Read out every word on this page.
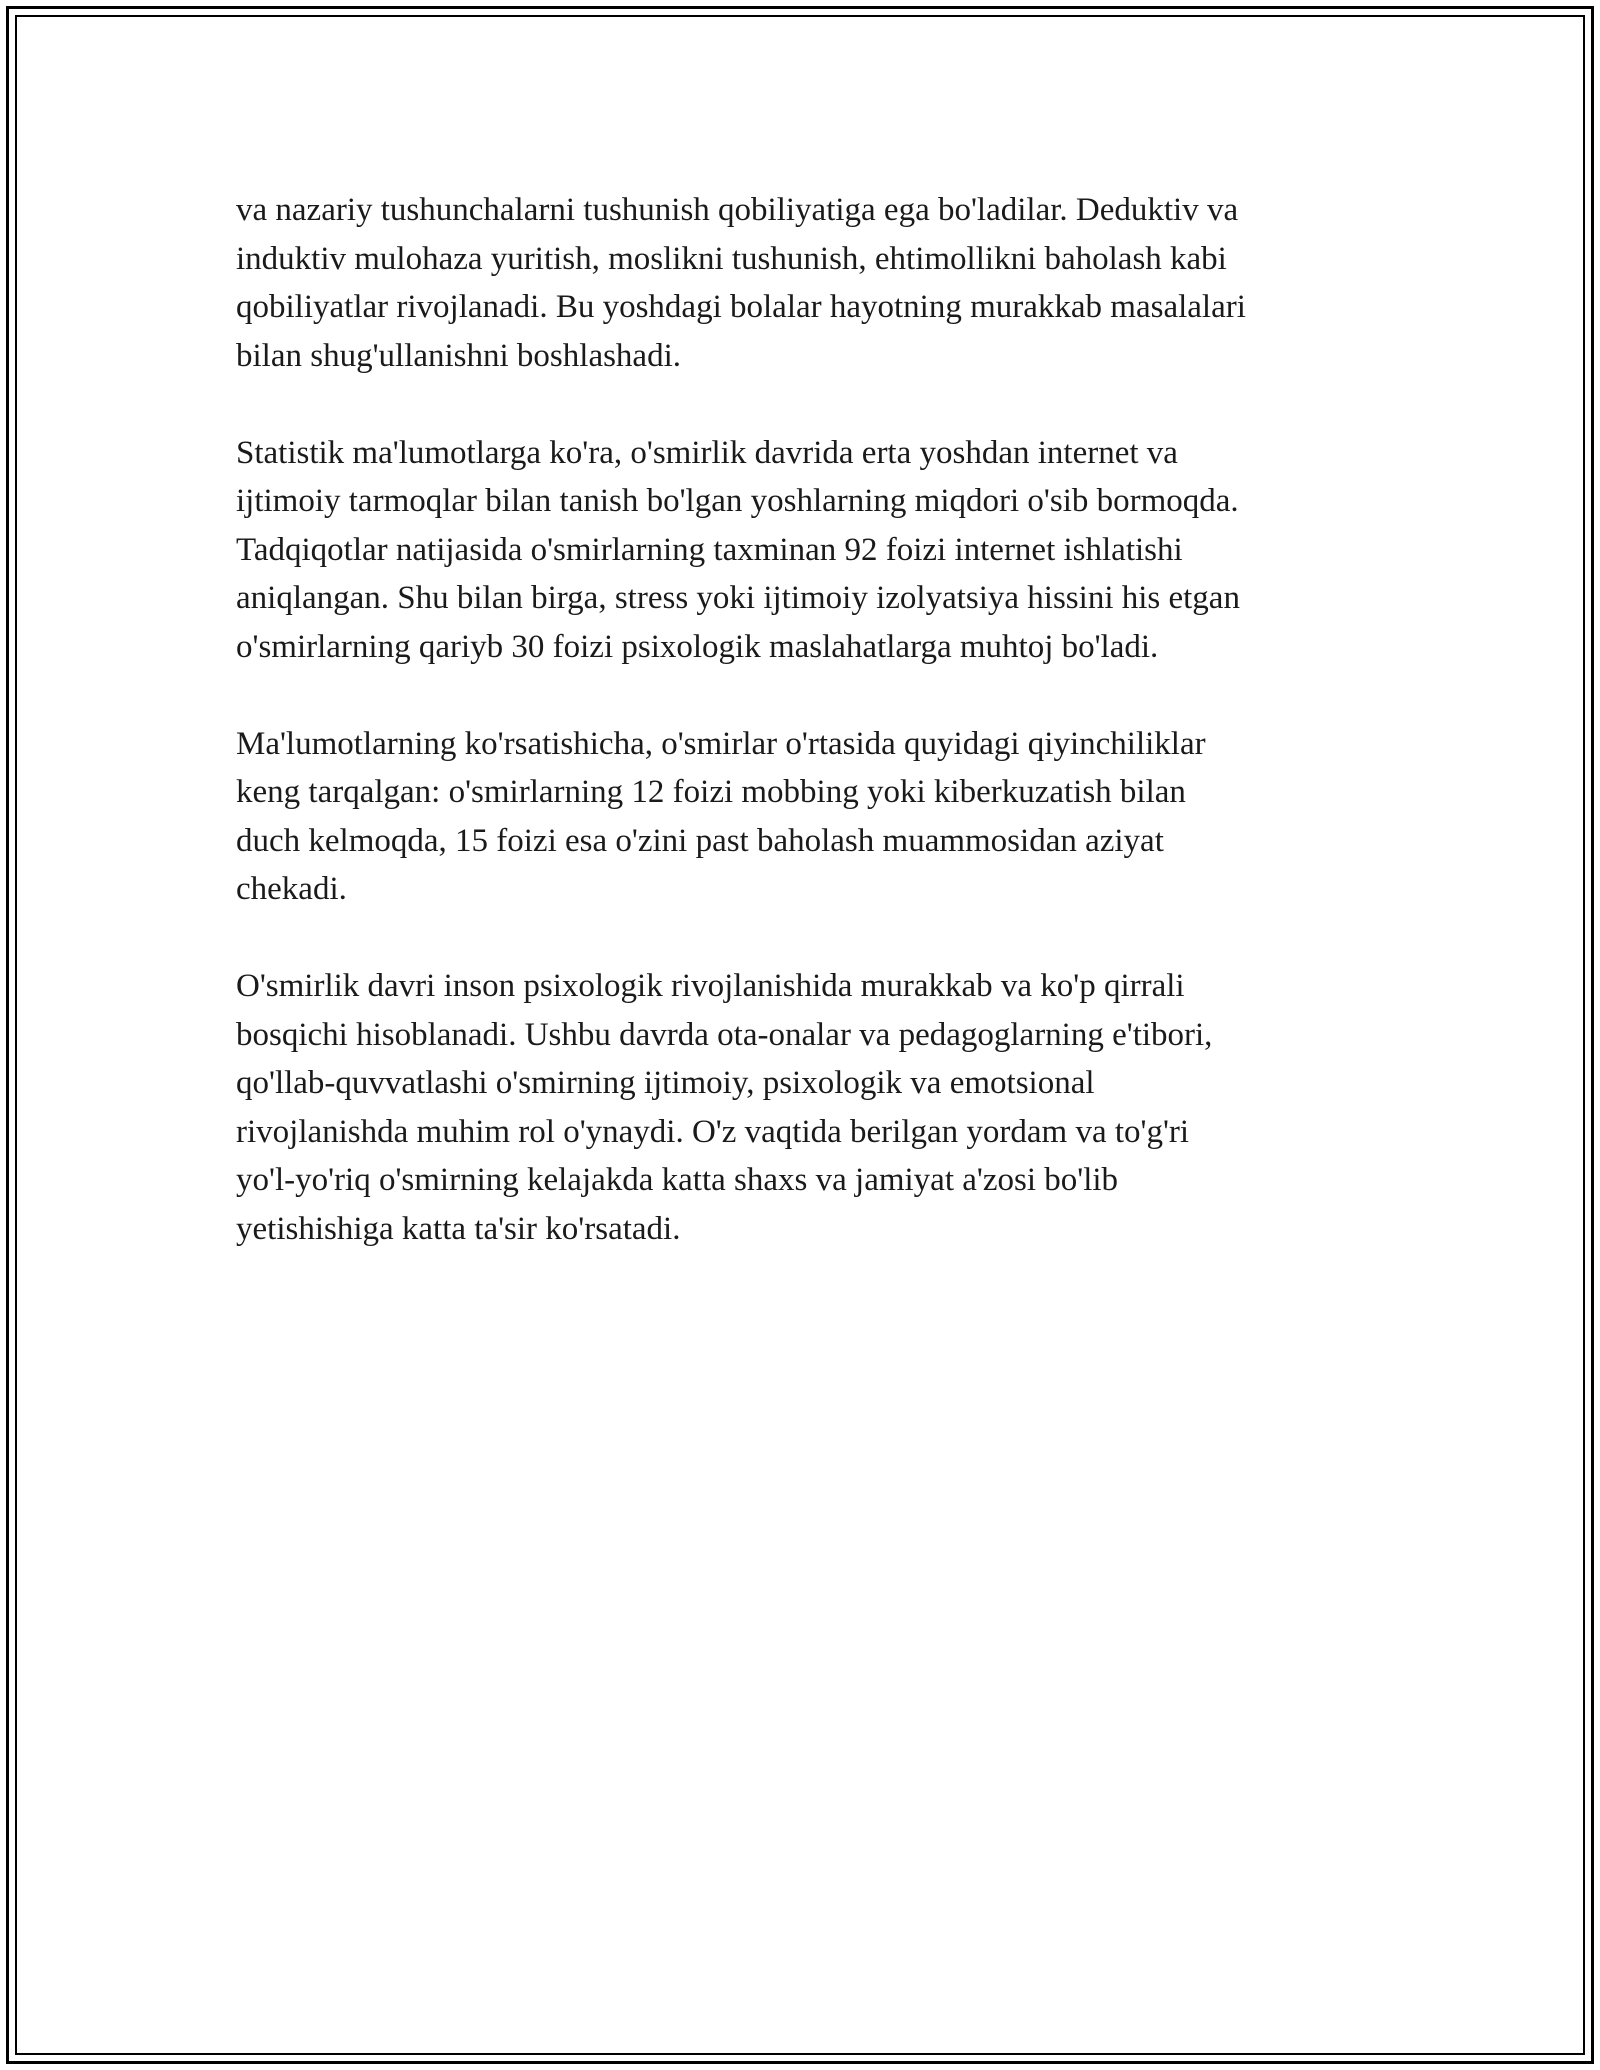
va nazariy tushunchalarni tushunish qobiliyatiga ega bo'ladilar. Deduktiv va
induktiv mulohaza yuritish, moslikni tushunish, ehtimollikni baholash kabi
qobiliyatlar rivojlanadi. Bu yoshdagi bolalar hayotning murakkab masalalari
bilan shug'ullanishni boshlashadi.

Statistik ma'lumotlarga ko'ra, o'smirlik davrida erta yoshdan internet va
ijtimoiy tarmoqlar bilan tanish bo'lgan yoshlarning miqdori o'sib bormoqda.
Tadqiqotlar natijasida o'smirlarning taxminan 92 foizi internet ishlatishi
aniqlangan. Shu bilan birga, stress yoki ijtimoiy izolyatsiya hissini his etgan
o'smirlarning qariyb 30 foizi psixologik maslahatlarga muhtoj bo'ladi.

Ma'lumotlarning ko'rsatishicha, o'smirlar o'rtasida quyidagi qiyinchiliklar
keng tarqalgan: o'smirlarning 12 foizi mobbing yoki kiberkuzatish bilan
duch kelmoqda, 15 foizi esa o'zini past baholash muammosidan aziyat
chekadi.

O'smirlik davri inson psixologik rivojlanishida murakkab va ko'p qirrali
bosqichi hisoblanadi. Ushbu davrda ota-onalar va pedagoglarning e'tibori,
qo'llab-quvvatlashi o'smirning ijtimoiy, psixologik va emotsional
rivojlanishda muhim rol o'ynaydi. O'z vaqtida berilgan yordam va to'g'ri
yo'l-yo'riq o'smirning kelajakda katta shaxs va jamiyat a'zosi bo'lib
yetishishiga katta ta'sir ko'rsatadi.
